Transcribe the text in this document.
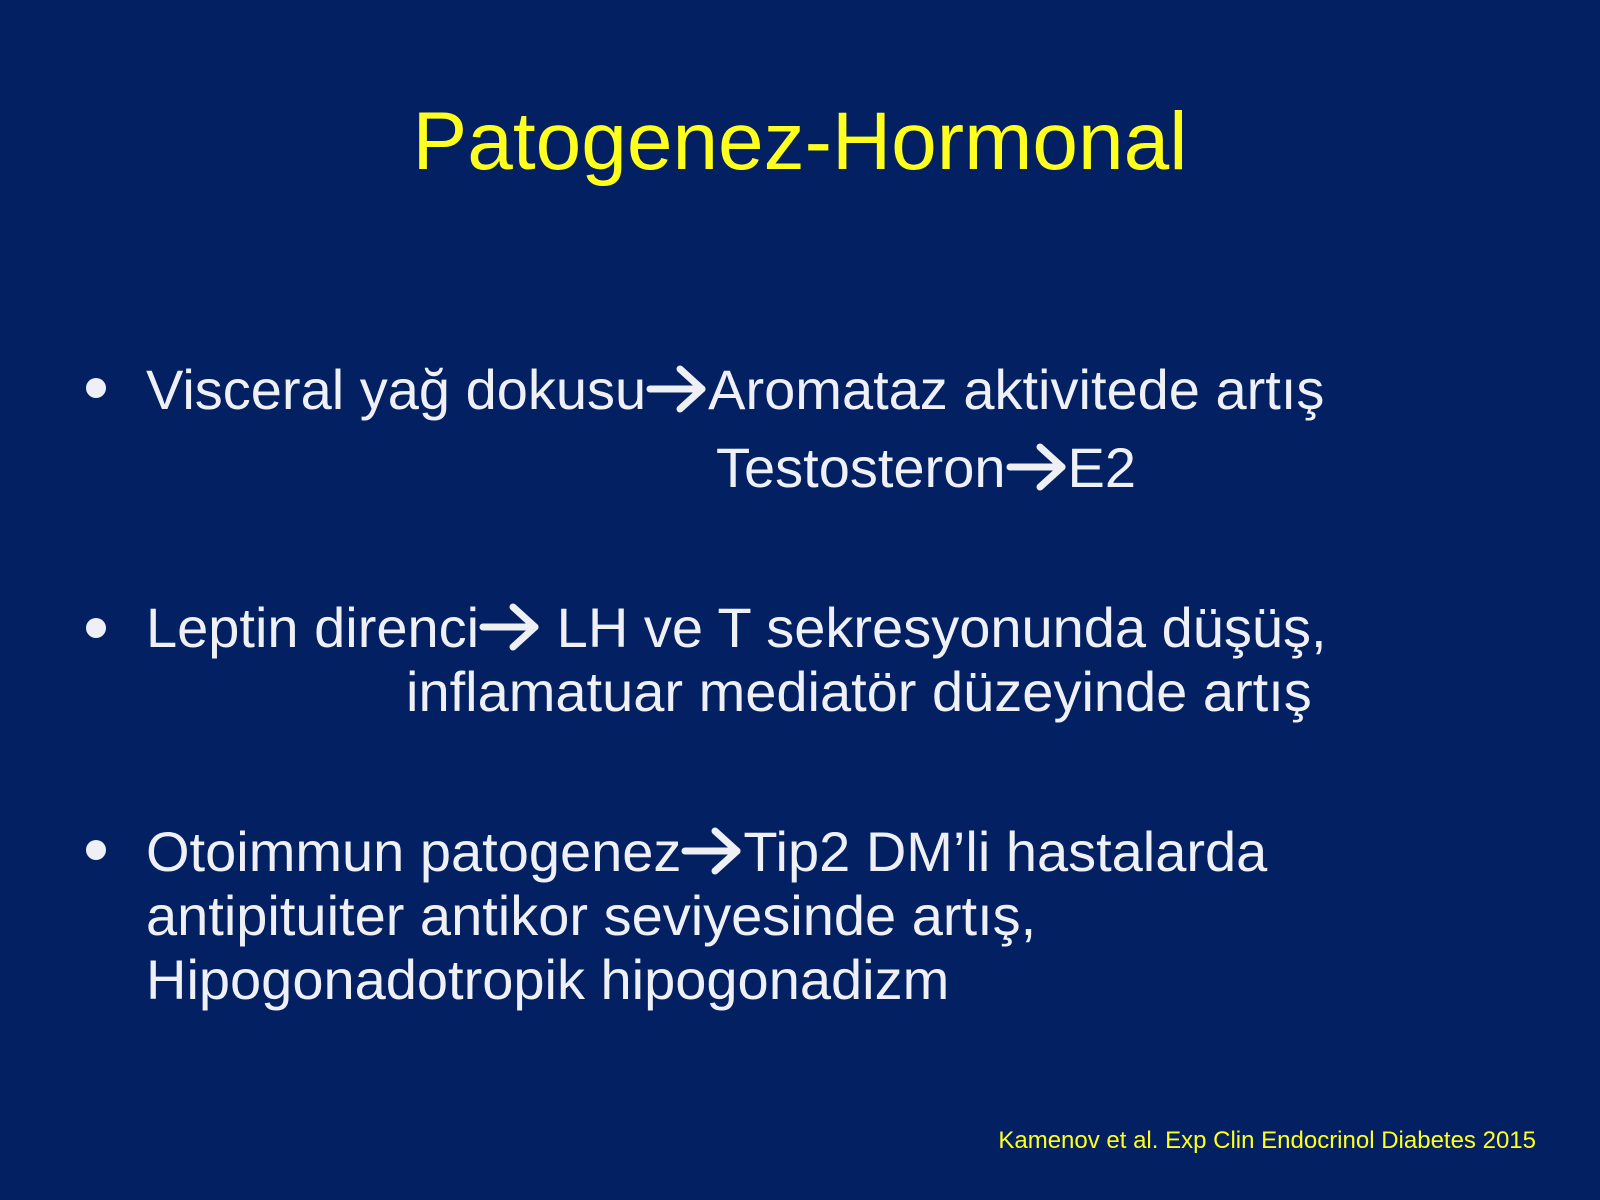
Patogenez-Hormonal
Visceral yağ dokusu Aromataz aktivitede artış
Testosteron E2
Leptin direnci
LH ve T sekresyonunda düşüş,
inflamatuar mediatör düzeyinde artış
Otoimmun patogenez Tip2 DM’li hastalarda
antipituiter antikor seviyesinde artış,
Hipogonadotropik hipogonadizm
Kamenov et al. Exp Clin Endocrinol Diabetes 2015
